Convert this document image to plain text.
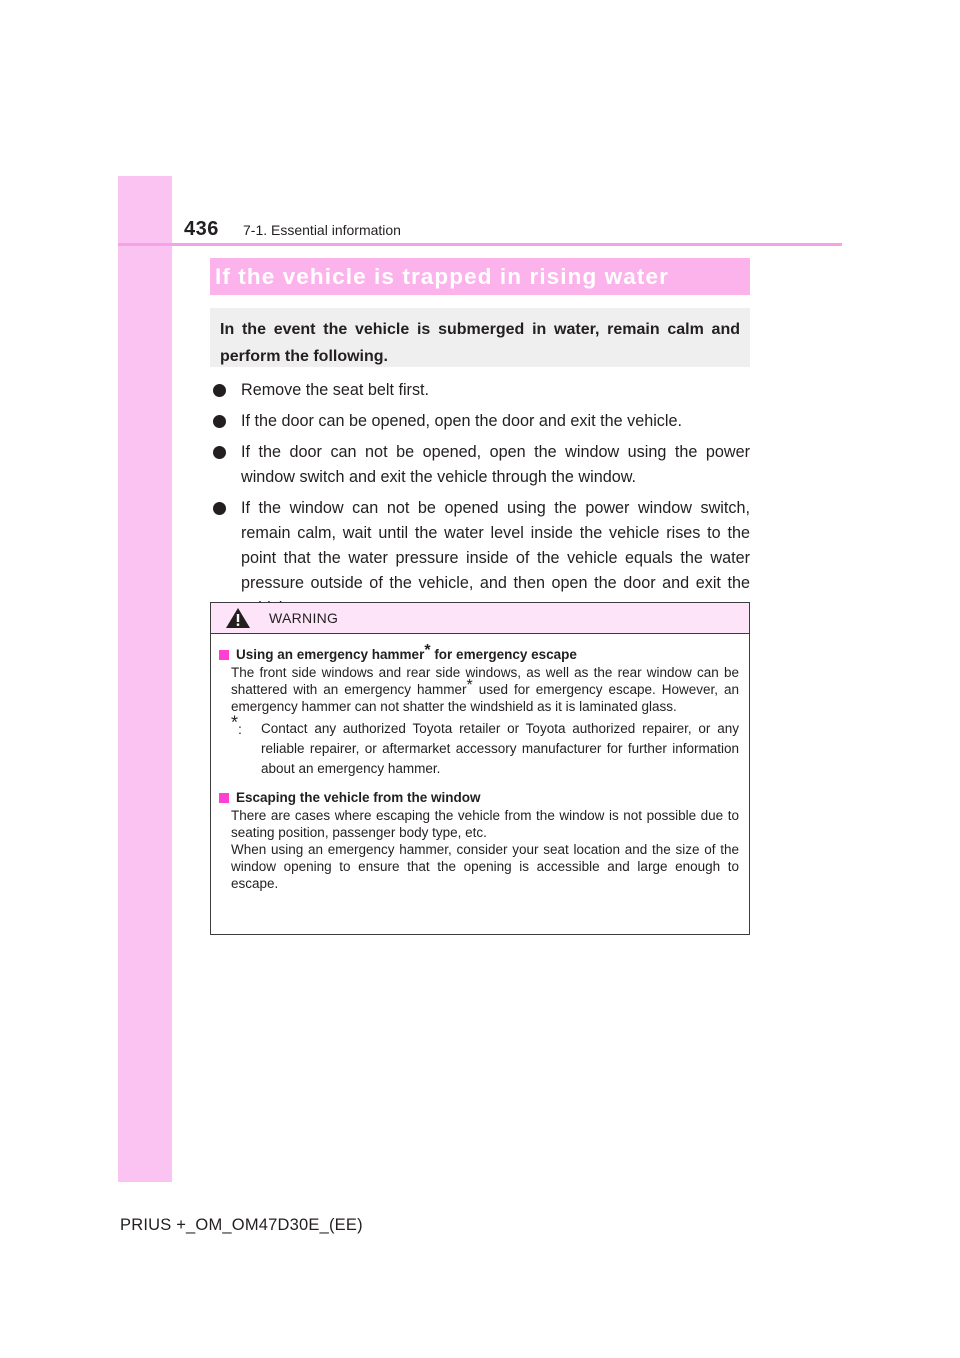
436 7-1. Essential information
If the vehicle is trapped in rising water
In the event the vehicle is submerged in water, remain calm and perform the following.
Remove the seat belt first.
If the door can be opened, open the door and exit the vehicle.
If the door can not be opened, open the window using the power window switch and exit the vehicle through the window.
If the window can not be opened using the power window switch, remain calm, wait until the water level inside the vehicle rises to the point that the water pressure inside of the vehicle equals the water pressure outside of the vehicle, and then open the door and exit the
WARNING
Using an emergency hammer* for emergency escape
The front side windows and rear side windows, as well as the rear window can be shattered with an emergency hammer* used for emergency escape. However, an emergency hammer can not shatter the windshield as it is laminated glass.
*: Contact any authorized Toyota retailer or Toyota authorized repairer, or any reliable repairer, or aftermarket accessory manufacturer for further information about an emergency hammer.
Escaping the vehicle from the window
There are cases where escaping the vehicle from the window is not possible due to seating position, passenger body type, etc.
When using an emergency hammer, consider your seat location and the size of the window opening to ensure that the opening is accessible and large enough to escape.
PRIUS +_OM_OM47D30E_(EE)
